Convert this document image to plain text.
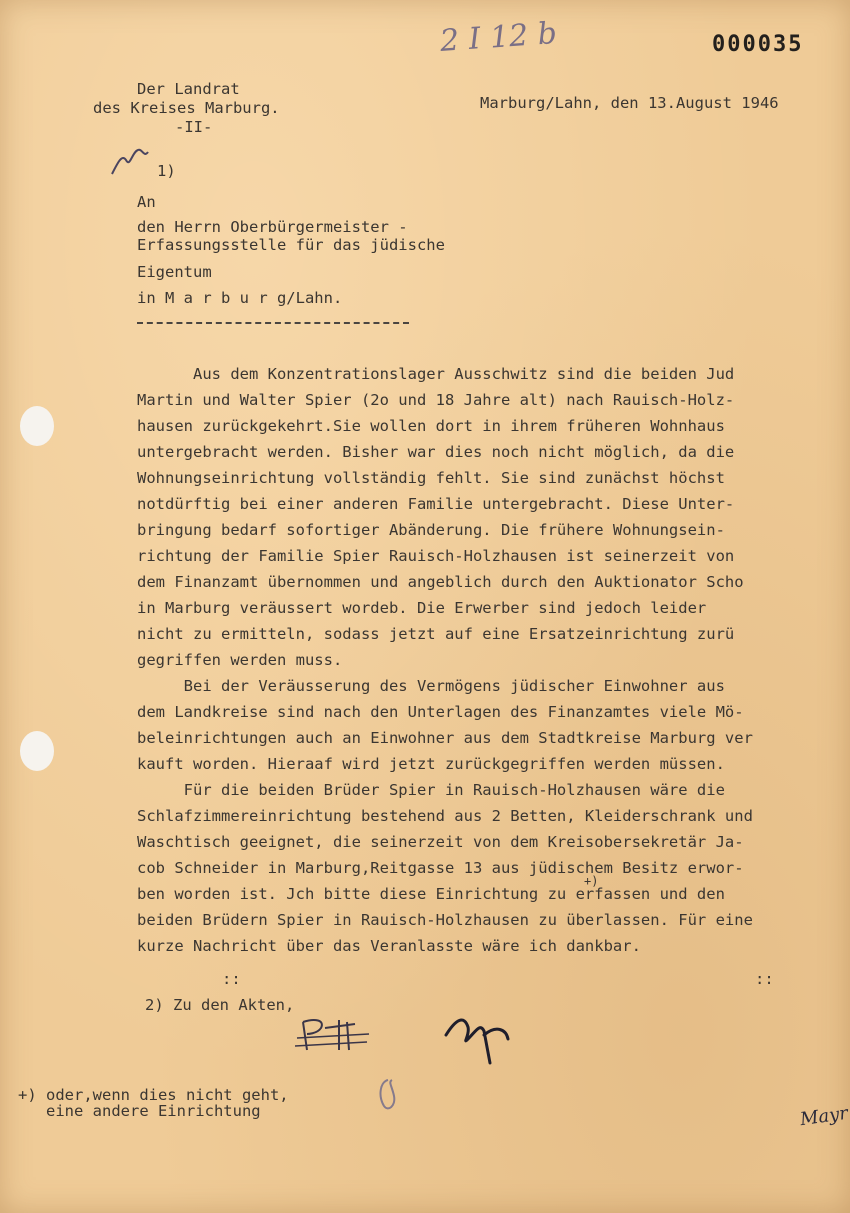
2 I 12 b	000035
Der Landrat
des Kreises Marburg.
-II-
Marburg/Lahn, den 13.August 1946
1)
An
den Herrn Oberbürgermeister -
Erfassungsstelle für das jüdische
Eigentum
in M a r b u r g/Lahn.
Aus dem Konzentrationslager Ausschwitz sind die beiden Jud
Martin und Walter Spier (2o und 18 Jahre alt) nach Rauisch-Holz-
hausen zurückgekehrt.Sie wollen dort in ihrem früheren Wohnhaus
untergebracht werden. Bisher war dies noch nicht möglich, da die
Wohnungseinrichtung vollständig fehlt. Sie sind zunächst höchst
notdürftig bei einer anderen Familie untergebracht. Diese Unter-
bringung bedarf sofortiger Abänderung. Die frühere Wohnungsein-
richtung der Familie Spier Rauisch-Holzhausen ist seinerzeit von
dem Finanzamt übernommen und angeblich durch den Auktionator Scho
in Marburg veräussert wordeb. Die Erwerber sind jedoch leider
nicht zu ermitteln, sodass jetzt auf eine Ersatzeinrichtung zurü
gegriffen werden muss.
Bei der Veräusserung des Vermögens jüdischer Einwohner aus
dem Landkreise sind nach den Unterlagen des Finanzamtes viele Mö-
beleinrichtungen auch an Einwohner aus dem Stadtkreise Marburg ver
kauft worden. Hieraaf wird jetzt zurückgegriffen werden müssen.
Für die beiden Brüder Spier in Rauisch-Holzhausen wäre die
Schlafzimmereinrichtung bestehend aus 2 Betten, Kleiderschrank und
Waschtisch geeignet, die seinerzeit von dem Kreisobersekretär Ja-
cob Schneider in Marburg,Reitgasse 13 aus jüdischem Besitz erwor-
ben worden ist. Jch bitte diese Einrichtung zu erfassen und den
beiden Brüdern Spier in Rauisch-Holzhausen zu überlassen. Für eine
kurze Nachricht über das Veranlasste wäre ich dankbar.
+)
::	::
2) Zu den Akten,
+) oder,wenn dies nicht geht,
eine andere Einrichtung	Mayr
